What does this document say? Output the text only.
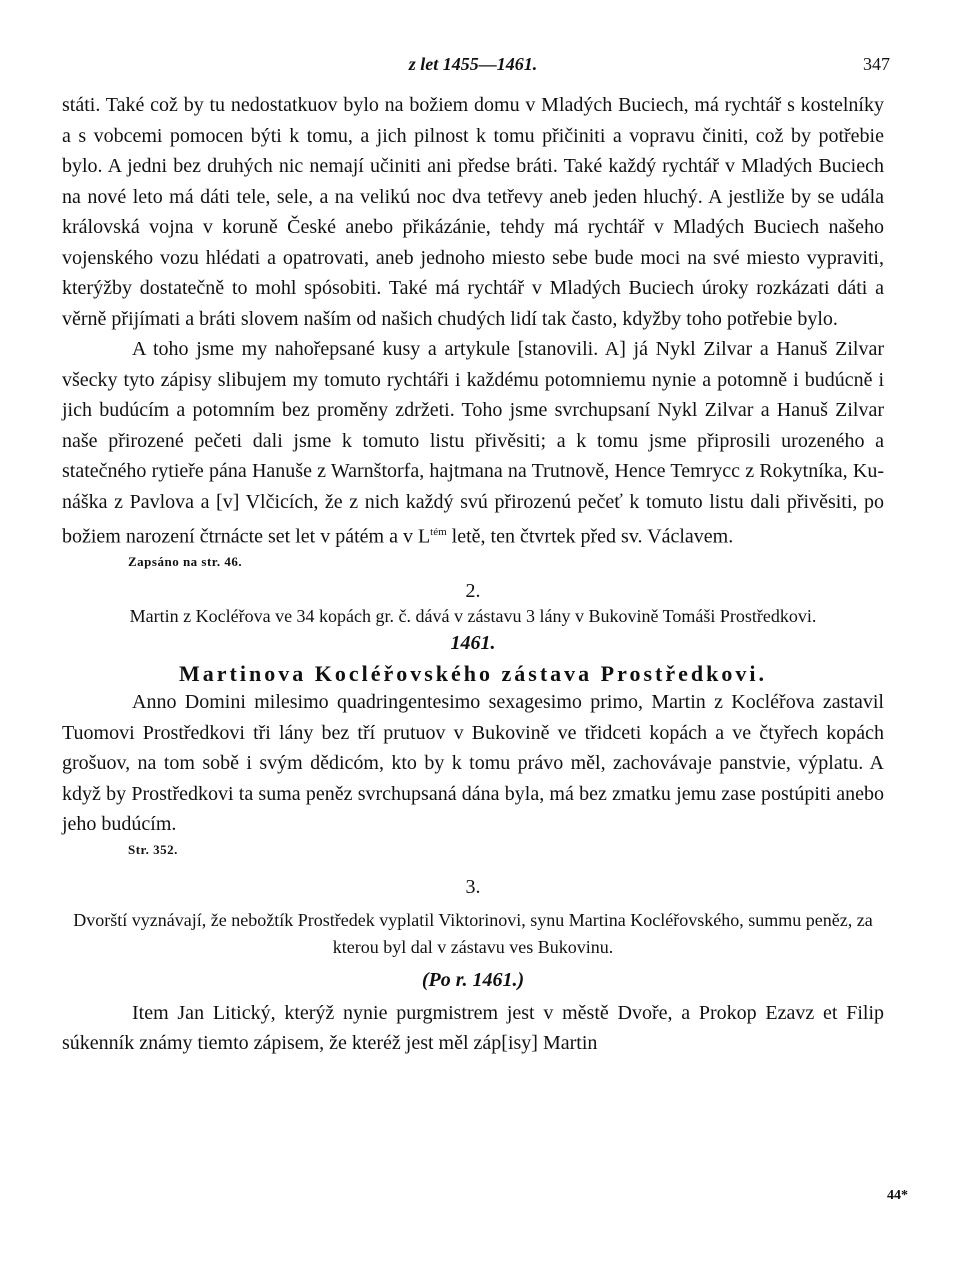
z let 1455—1461.	347

státi. Také což by tu nedostatkuov bylo na božiem domu v Mladých Buciech, má rychtář s kostelníky a s vobcemi pomocen býti k tomu, a jich pilnost k tomu přičiniti a vopravu činiti, což by potřebie bylo. A jedni bez druhých nic nemají učiniti ani předse bráti. Také každý rychtář v Mladých Buciech na nové leto má dáti tele, sele, a na velikú noc dva tetřevy aneb jeden hluchý. A jestliže by se udála královská vojna v koruně České anebo přikázánie, tehdy má rychtář v Mladých Buciech našeho vojenského vozu hlédati a opatrovati, aneb jednoho miesto sebe bude moci na své miesto vypraviti, kterýžby dostatečně to mohl spósobiti. Také má rychtář v Mladých Buciech úroky rozkázati dáti a věrně přijímati a bráti slovem naším od našich chudých lidí tak často, kdyžby toho potřebie bylo.

A toho jsme my nahořepsané kusy a artykule [stanovili. A] já Nykl Zilvar a Hanuš Zilvar všecky tyto zápisy slibujem my tomuto rychtáři i každému potomniemu nynie a potomně i budúcně i jich budúcím a potomním bez proměny zdržeti. Toho jsme svrchupsaní Nykl Zilvar a Hanuš Zilvar naše přirozené pečeti dali jsme k tomuto listu přivěsiti; a k tomu jsme připrosili urozeného a statečného rytieře pána Hanuše z Warnštorfa, hajtmana na Trutnově, Hence Temrycc z Rokytníka, Kunáška z Pavlova a [v] Vlčicích, že z nich každý svú přirozenú pečeť k tomuto listu dali přivěsiti, po božiem narození čtrnácte set let v pátém a v $L^{tém}$ letě, ten čtvrtek před sv. Václavem.

Zapsáno na str. 46.
2.
Martin z Kocléřova ve 34 kopách gr. č. dává v zástavu 3 lány v Bukovině Tomáši Prostředkovi.
1461.
Martinova Kocléřovského zástava Prostředkovi.

Anno Domini milesimo quadringentesimo sexagesimo primo, Martin z Kocléřova zastavil Tuomovi Prostředkovi tři lány bez tří prutuov v Bukovině ve třidceti kopách a ve čtyřech kopách grošuov, na tom sobě i svým dědicóm, kto by k tomu právo měl, zachovávaje panstvie, výplatu. A když by Prostředkovi ta suma peněz svrchupsaná dána byla, má bez zmatku jemu zase postúpiti anebo jeho budúcím.

Str. 352.
3.
Dvorští vyznávají, že nebožtík Prostředek vyplatil Viktorinovi, synu Martina Kocléřovského, summu peněz, za kterou byl dal v zástavu ves Bukovinu.
(Po r. 1461.)

Item Jan Litický, kterýž nynie purgmistrem jest v městě Dvoře, a Prokop Ezavz et Filip súkenník známy tiemto zápisem, že kteréž jest měl záp[isy] Martin

44*
